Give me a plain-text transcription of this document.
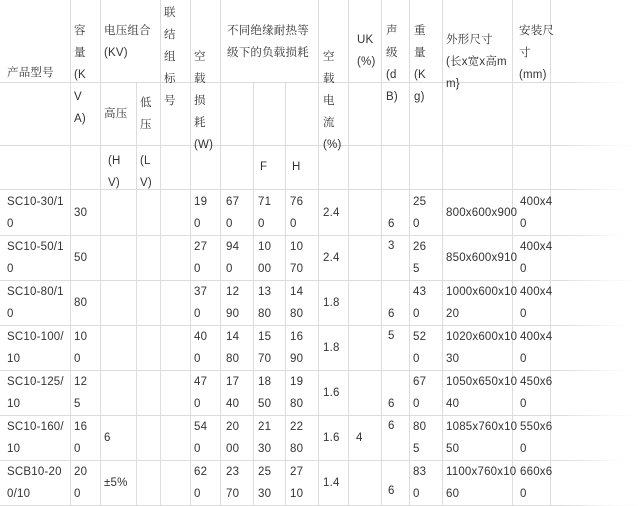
产品型号
容
量
(K
V
A)
电压组合
(KV)
高压
低
压
(H
V)
(L
V)
联
结
组
标
号
空
载
损
耗
(W)
不同绝缘耐热等
级下的负载损耗
F H
空
载
电
流
(%)
UK
(%)
声
级
(d
B)
重
量
(K
g)
外形尺寸
(长x宽x高m
m}
安装尺
寸
(mm)
SC10-30/1
0
30
19
0
67
0
71
0
76
0
2.4
25
0
800x600x900
400x4
0
SC10-50/1
0
50
27
0
94
0
10
00
10
70
2.4
26
5
850x600x910
400x4
0
SC10-80/1
0
80
37
0
12
90
13
80
14
80
1.8
43
0
1000x600x10
20
400x4
0
SC10-100/
10
10
0
40
0
14
80
15
70
16
90
1.8
52
0
1020x600x10
30
400x4
0
SC10-125/
10
12
5
47
0
17
40
18
50
19
80
1.6
67
0
1050x650x10
40
450x6
0
SC10-160/
10
16
0
6
54
0
20
00
21
30
22
80
1.6 4
80
5
1085x760x10
50
550x6
0
SCB10-20
0/10
20
0
±5%
62
0
23
70
25
30
27
10
1.4
83
0
1100x760x10
60
660x6
0
6
3
6
5
6
6
6
